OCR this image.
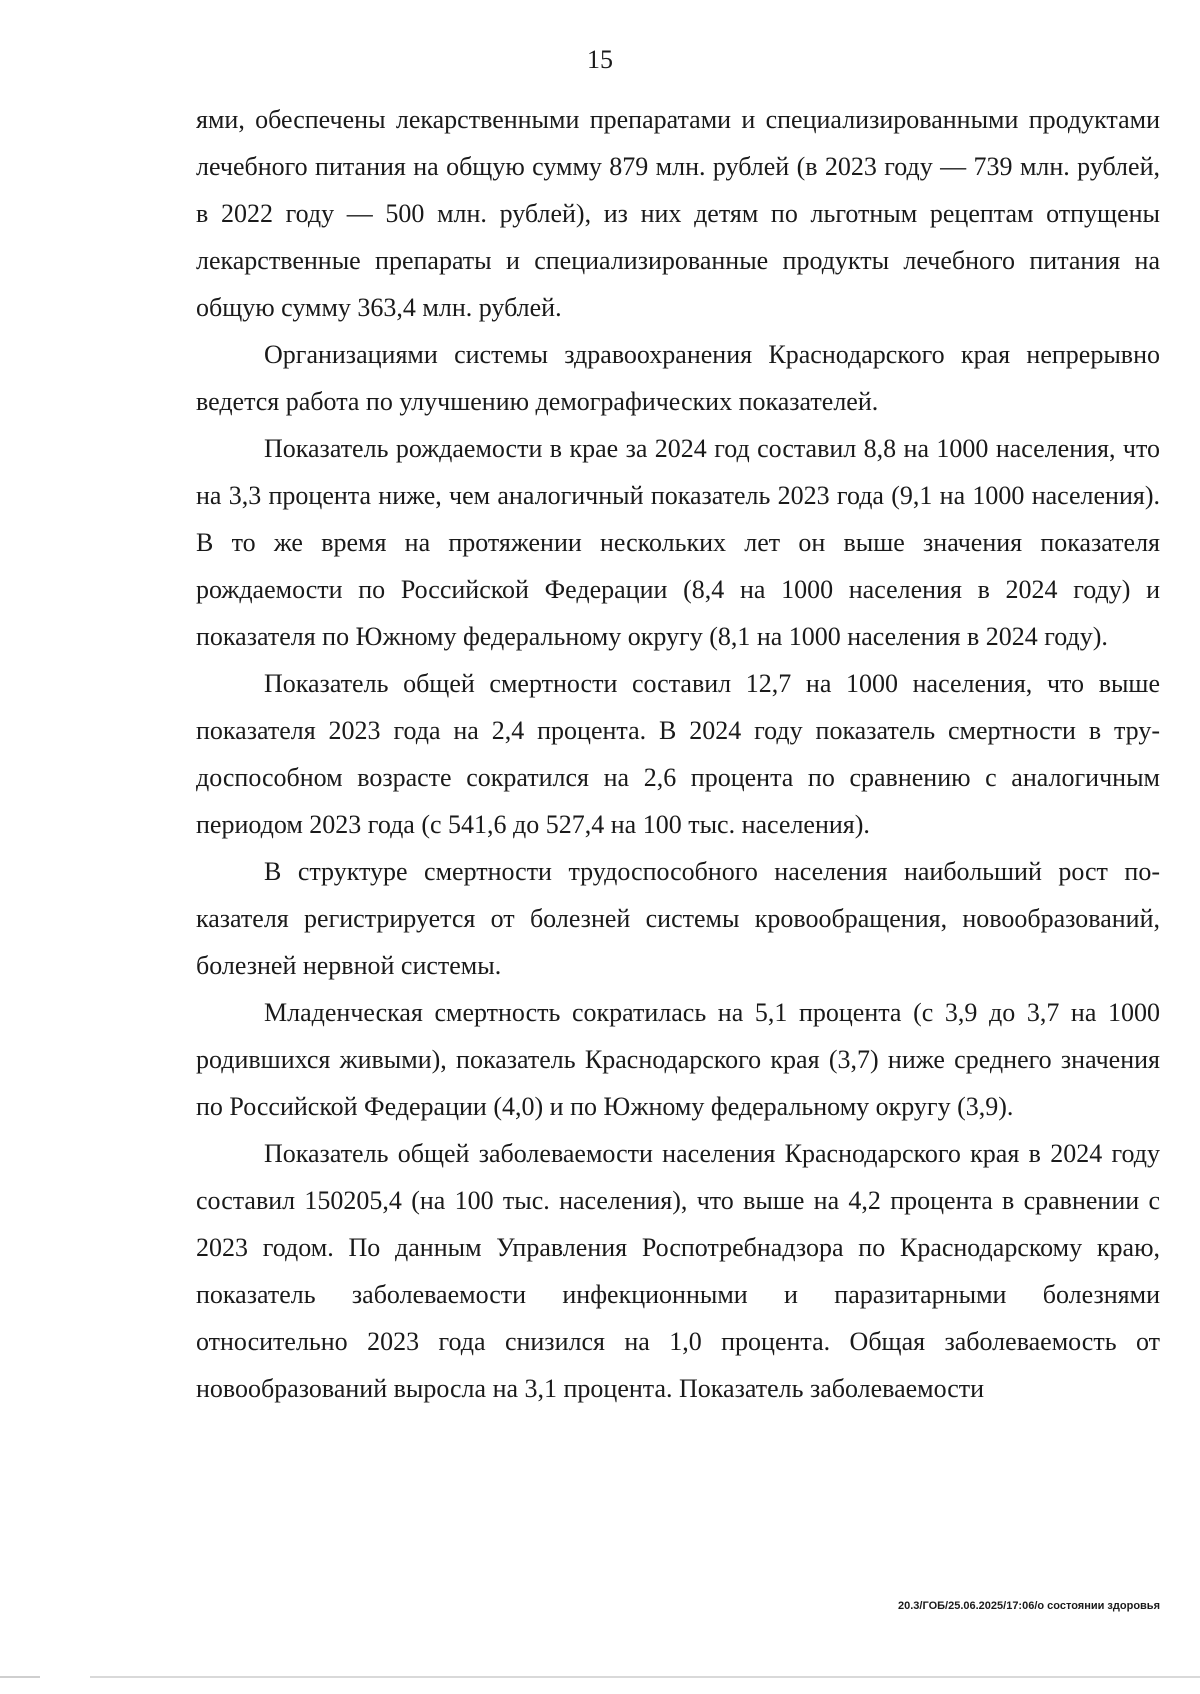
15

ями, обеспечены лекарственными препаратами и специализированными продуктами лечебного питания на общую сумму 879 млн. рублей (в 2023 году — 739 млн. рублей, в 2022 году — 500 млн. рублей), из них детям по льготным рецептам отпущены лекарственные препараты и специализированные продукты лечебного питания на общую сумму 363,4 млн. рублей.

Организациями системы здравоохранения Краснодарского края непрерывно ведется работа по улучшению демографических показателей.

Показатель рождаемости в крае за 2024 год составил 8,8 на 1000 населения, что на 3,3 процента ниже, чем аналогичный показатель 2023 года (9,1 на 1000 населения). В то же время на протяжении нескольких лет он выше значения показателя рождаемости по Российской Федерации (8,4 на 1000 населения в 2024 году) и показателя по Южному федеральному округу (8,1 на 1000 населения в 2024 году).

Показатель общей смертности составил 12,7 на 1000 населения, что выше показателя 2023 года на 2,4 процента. В 2024 году показатель смертности в трудоспособном возрасте сократился на 2,6 процента по сравнению с аналогичным периодом 2023 года (с 541,6 до 527,4 на 100 тыс. населения).

В структуре смертности трудоспособного населения наибольший рост показателя регистрируется от болезней системы кровообращения, новообразований, болезней нервной системы.

Младенческая смертность сократилась на 5,1 процента (с 3,9 до 3,7 на 1000 родившихся живыми), показатель Краснодарского края (3,7) ниже среднего значения по Российской Федерации (4,0) и по Южному федеральному округу (3,9).

Показатель общей заболеваемости населения Краснодарского края в 2024 году составил 150205,4 (на 100 тыс. населения), что выше на 4,2 процента в сравнении с 2023 годом. По данным Управления Роспотребнадзора по Краснодарскому краю, показатель заболеваемости инфекционными и паразитарными болезнями относительно 2023 года снизился на 1,0 процента. Общая заболеваемость от новообразований выросла на 3,1 процента. Показатель заболеваемости

20.3/ГОБ/25.06.2025/17:06/о состоянии здоровья
